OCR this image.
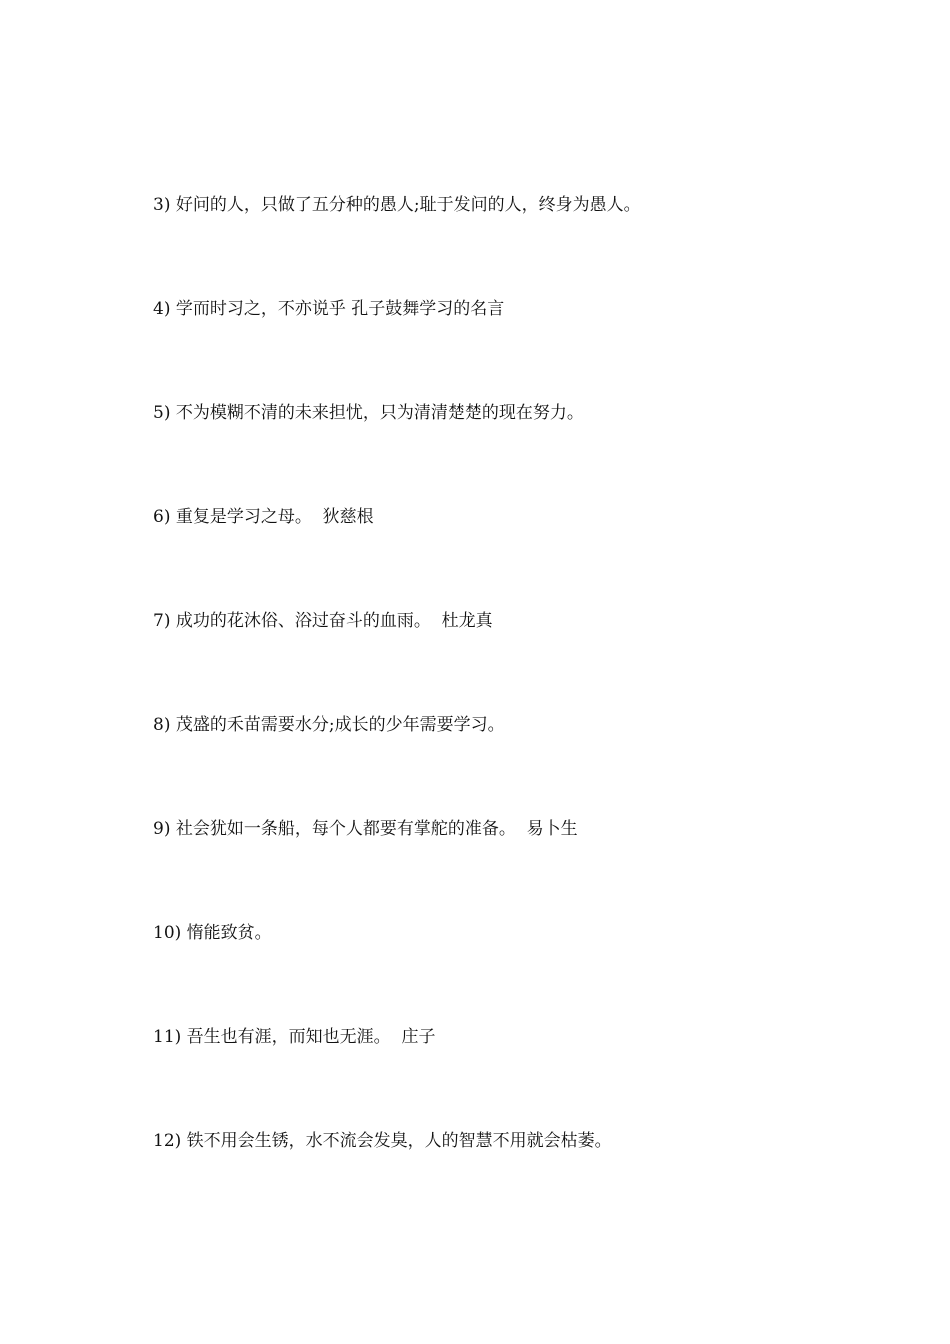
3) 好问的人，只做了五分种的愚人;耻于发问的人，终身为愚人。
4) 学而时习之，不亦说乎 孔子鼓舞学习的名言
5) 不为模糊不清的未来担忧，只为清清楚楚的现在努力。
6) 重复是学习之母。  狄慈根
7) 成功的花沐俗、浴过奋斗的血雨。  杜龙真
8) 茂盛的禾苗需要水分;成长的少年需要学习。
9) 社会犹如一条船，每个人都要有掌舵的准备。  易卜生
10) 惰能致贫。
11) 吾生也有涯，而知也无涯。  庄子
12) 铁不用会生锈，水不流会发臭，人的智慧不用就会枯萎。
